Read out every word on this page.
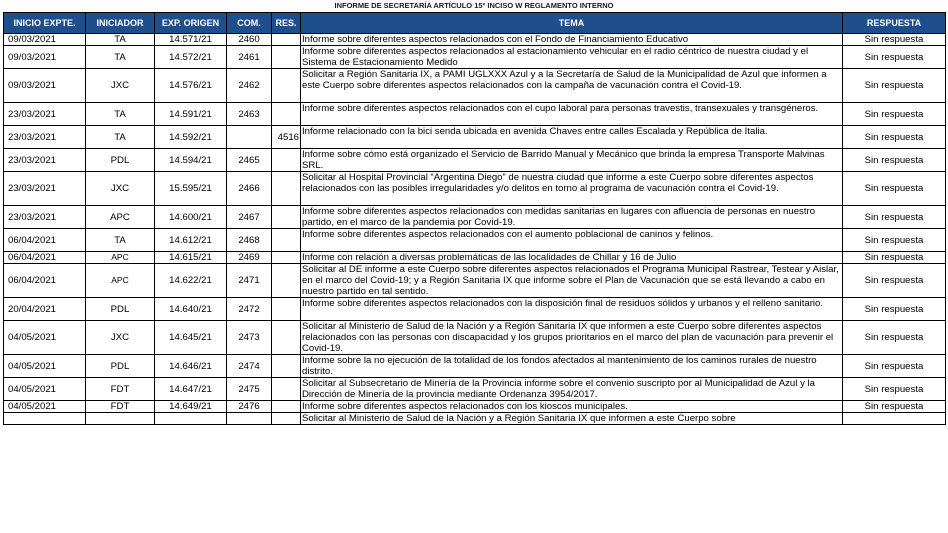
INFORME DE SECRETARÍA ARTÍCULO 15º INCISO W REGLAMENTO INTERNO
INICIO EXPTE.	INICIADOR	EXP. ORIGEN	COM.	RES.	TEMA	RESPUESTA
09/03/2021	TA	14.571/21	2460		Informe sobre diferentes aspectos relacionados con el Fondo de Financiamiento Educativo	Sin respuesta
09/03/2021	TA	14.572/21	2461		Informe sobre diferentes aspectos relacionados al estacionamiento vehicular en el radio céntrico de nuestra ciudad y el Sistema de Estacionamiento Medido	Sin respuesta
09/03/2021	JXC	14.576/21	2462		Solicitar a Región Sanitaria IX, a PAMI UGLXXX Azul y a la Secretaría de Salud de la Municipalidad de Azul que informen a este Cuerpo sobre diferentes aspectos relacionados con la campaña de vacunación contra el Covid-19.	Sin respuesta
23/03/2021	TA	14.591/21	2463		Informe sobre diferentes aspectos relacionados con el cupo laboral para personas travestis, transexuales y transgéneros.	Sin respuesta
23/03/2021	TA	14.592/21		4516	Informe relacionado con la bici senda ubicada en avenida Chaves entre calles Escalada y República de Italia.	Sin respuesta
23/03/2021	PDL	14.594/21	2465		Informe sobre cómo está organizado el Servicio de Barrido Manual y Mecánico que brinda la empresa Transporte Malvinas SRL.	Sin respuesta
23/03/2021	JXC	15.595/21	2466		Solicitar al Hospital Provincial “Argentina Diego” de nuestra ciudad que informe a este Cuerpo sobre diferentes aspectos relacionados con las posibles irregularidades y/o delitos en torno al programa de vacunación contra el Covid-19.	Sin respuesta
23/03/2021	APC	14.600/21	2467		Informe sobre diferentes aspectos relacionados con medidas sanitarias en lugares con afluencia de personas en nuestro partido, en el marco de la pandemia por Covid-19.	Sin respuesta
06/04/2021	TA	14.612/21	2468		Informe sobre diferentes aspectos relacionados con el aumento poblacional de caninos y felinos.	Sin respuesta
06/04/2021	APC	14.615/21	2469		Informe con relación a diversas problemáticas de las localidades de Chillar y 16 de Julio	Sin respuesta
06/04/2021	APC	14.622/21	2471		Solicitar al DE informe a este Cuerpo sobre diferentes aspectos relacionados el Programa Municipal Rastrear, Testear y Aislar, en el marco del Covid-19; y a Región Sanitaria IX que informe sobre el Plan de Vacunación que se está llevando a cabo en nuestro partido en tal sentido.	Sin respuesta
20/04/2021	PDL	14.640/21	2472		Informe sobre diferentes aspectos relacionados con la disposición final de residuos sólidos y urbanos y el relleno sanitario.	Sin respuesta
04/05/2021	JXC	14.645/21	2473		Solicitar al Ministerio de Salud de la Nación y a Región Sanitaria IX que informen a este Cuerpo sobre diferentes aspectos relacionados con las personas con discapacidad y los grupos prioritarios en el marco del plan de vacunación para prevenir el Covid-19.	Sin respuesta
04/05/2021	PDL	14.646/21	2474		Informe sobre la no ejecución de la totalidad de los fondos afectados al mantenimiento de los caminos rurales de nuestro distrito.	Sin respuesta
04/05/2021	FDT	14.647/21	2475		Solicitar al Subsecretario de Minería de la Provincia informe sobre el convenio suscripto por al Municipalidad de Azul y la Dirección de Minería de la provincia mediante Ordenanza 3954/2017.	Sin respuesta
04/05/2021	FDT	14.649/21	2476		Informe sobre diferentes aspectos relacionados con los kioscos municipales.	Sin respuesta
					Solicitar al Ministerio de Salud de la Nación y a Región Sanitaria IX que informen a este Cuerpo sobre	
